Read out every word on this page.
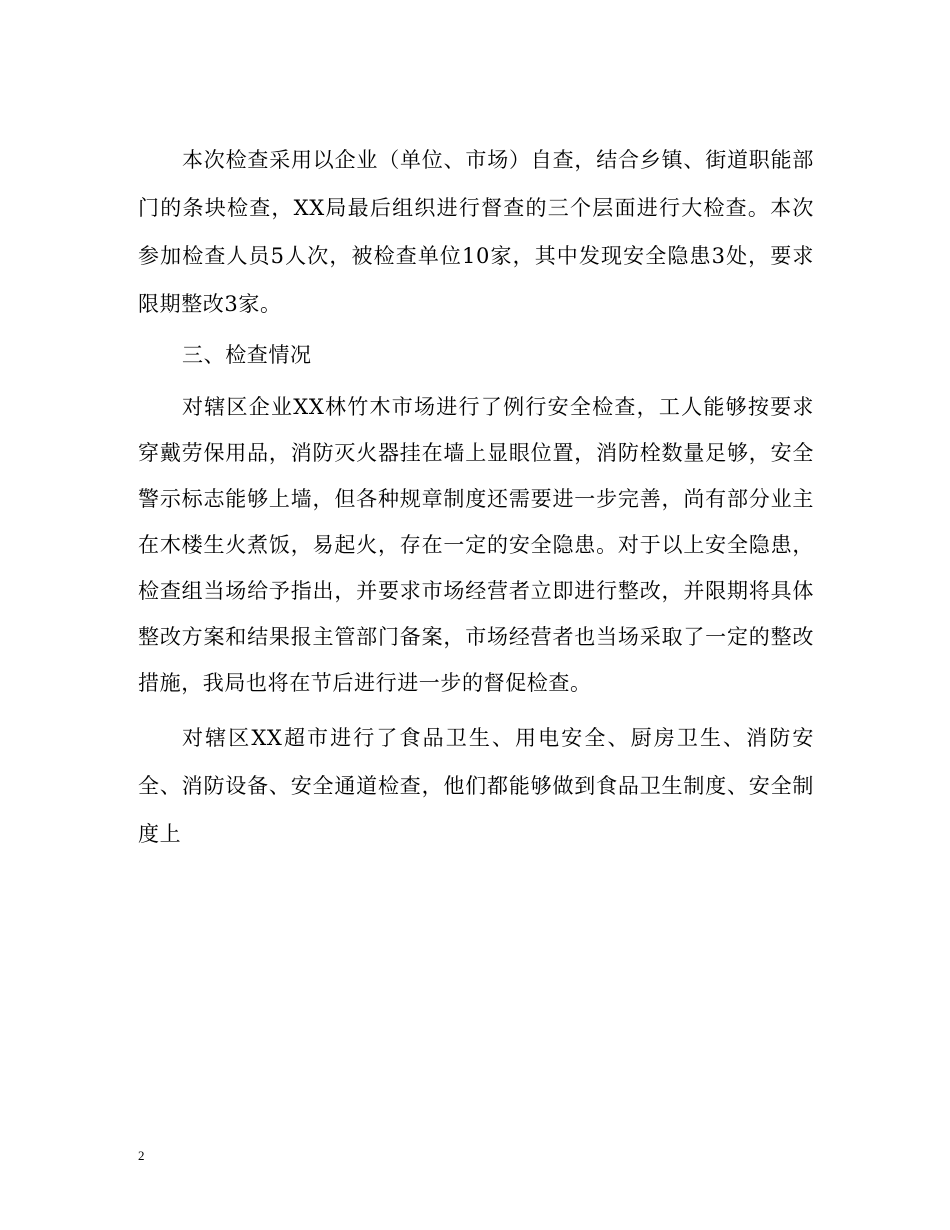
本次检查采用以企业（单位、市场）自查，结合乡镇、街道职能部门的条块检查，XX局最后组织进行督查的三个层面进行大检查。本次参加检查人员5人次，被检查单位10家，其中发现安全隐患3处，要求限期整改3家。

三、检查情况

对辖区企业XX林竹木市场进行了例行安全检查，工人能够按要求穿戴劳保用品，消防灭火器挂在墙上显眼位置，消防栓数量足够，安全警示标志能够上墙，但各种规章制度还需要进一步完善，尚有部分业主在木楼生火煮饭，易起火，存在一定的安全隐患。对于以上安全隐患，检查组当场给予指出，并要求市场经营者立即进行整改，并限期将具体整改方案和结果报主管部门备案，市场经营者也当场采取了一定的整改措施，我局也将在节后进行进一步的督促检查。

对辖区XX超市进行了食品卫生、用电安全、厨房卫生、消防安全、消防设备、安全通道检查，他们都能够做到食品卫生制度、安全制度上

2
